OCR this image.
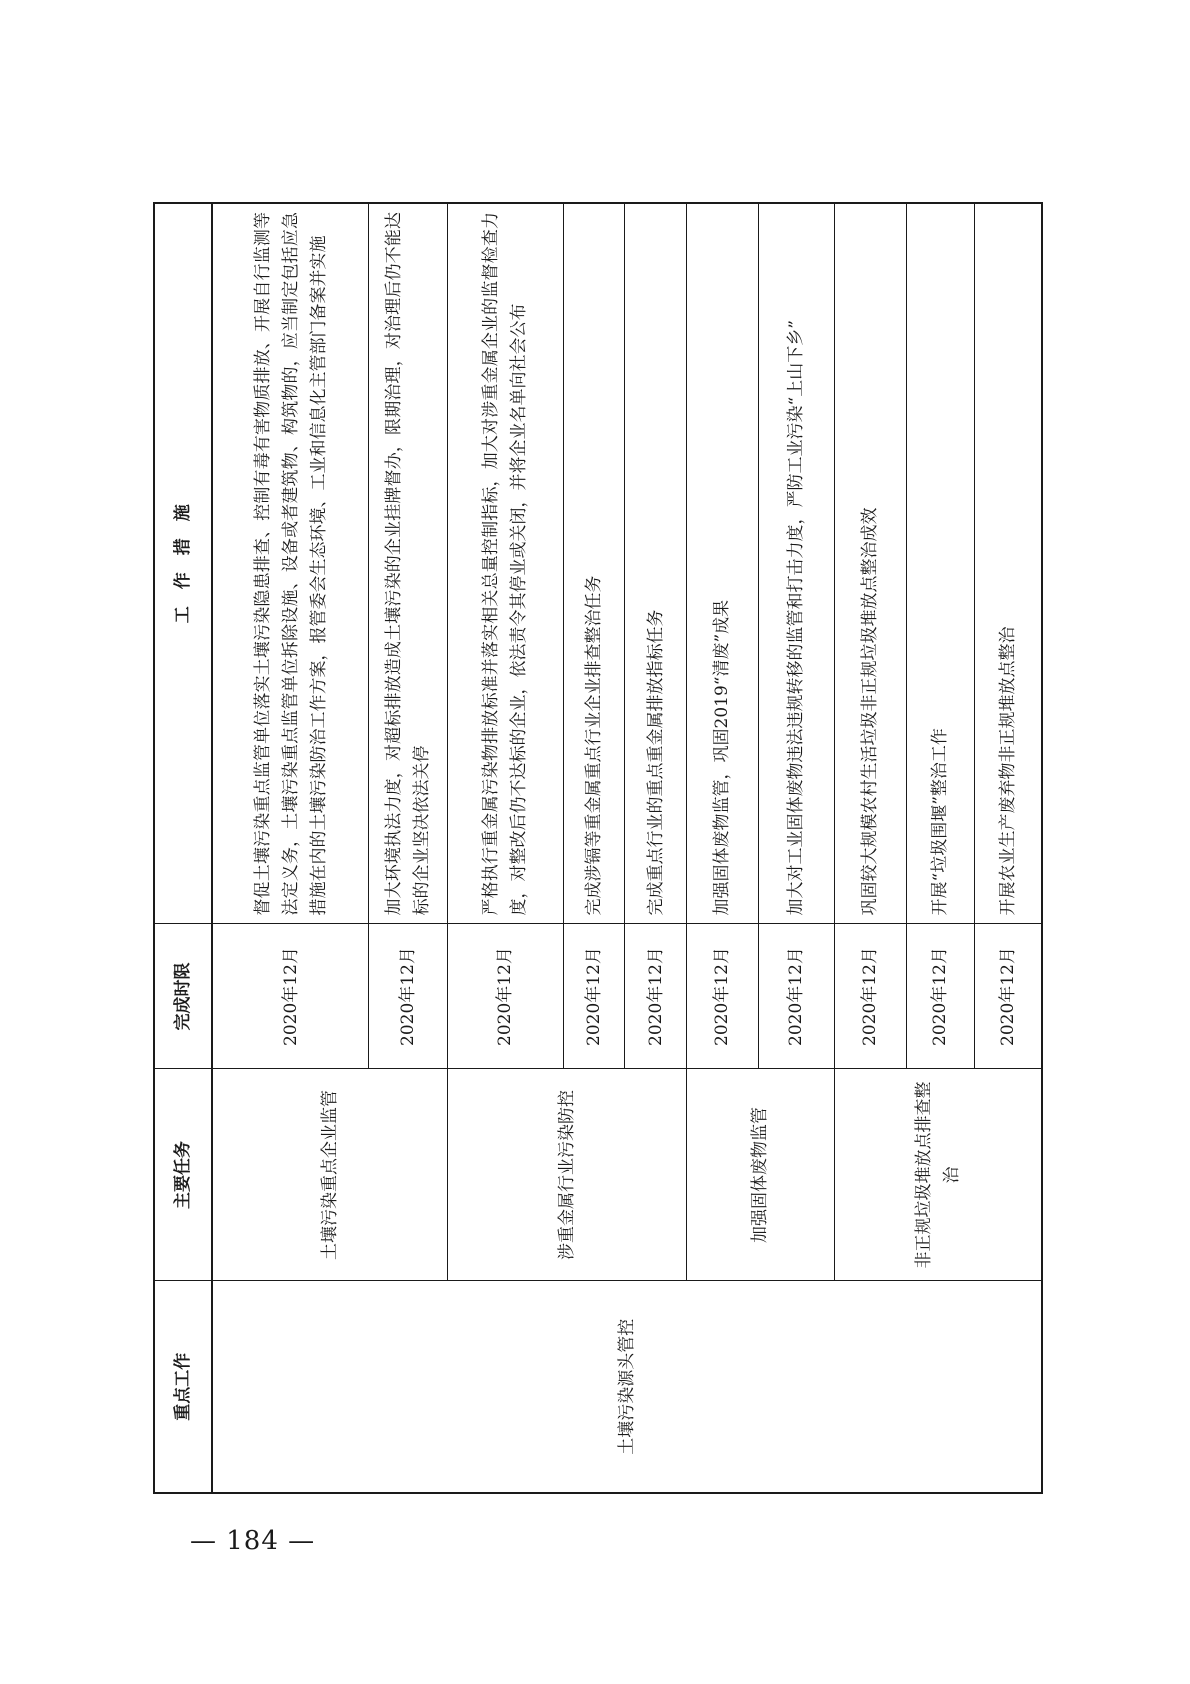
重点工作	主要任务	完成时限	工　作　措　施
土壤污染源头管控	土壤污染重点企业监管	2020年12月	督促土壤污染重点监管单位落实土壤污染隐患排查、控制有毒有害物质排放、开展自行监测等法定义务，土壤污染重点监管单位拆除设施、设备或者建筑物、构筑物的，应当制定包括应急措施在内的土壤污染防治工作方案，报管委会生态环境、工业和信息化主管部门备案并实施
		2020年12月	加大环境执法力度，对超标排放造成土壤污染的企业挂牌督办，限期治理，对治理后仍不能达标的企业坚决依法关停
	涉重金属行业污染防控	2020年12月	严格执行重金属污染物排放标准并落实相关总量控制指标，加大对涉重金属企业的监督检查力度，对整改后仍不达标的企业，依法责令其停业或关闭，并将企业名单向社会公布
		2020年12月	完成涉镉等重金属重点行业企业排查整治任务
		2020年12月	完成重点行业的重点重金属排放指标任务
	加强固体废物监管	2020年12月	加强固体废物监管，巩固2019“清废”成果
		2020年12月	加大对工业固体废物违法违规转移的监管和打击力度，严防工业污染“上山下乡”
	非正规垃圾堆放点排查整治	2020年12月	巩固较大规模农村生活垃圾非正规垃圾堆放点整治成效
		2020年12月	开展“垃圾围堰”整治工作
		2020年12月	开展农业生产废弃物非正规堆放点整治
— 184 —
